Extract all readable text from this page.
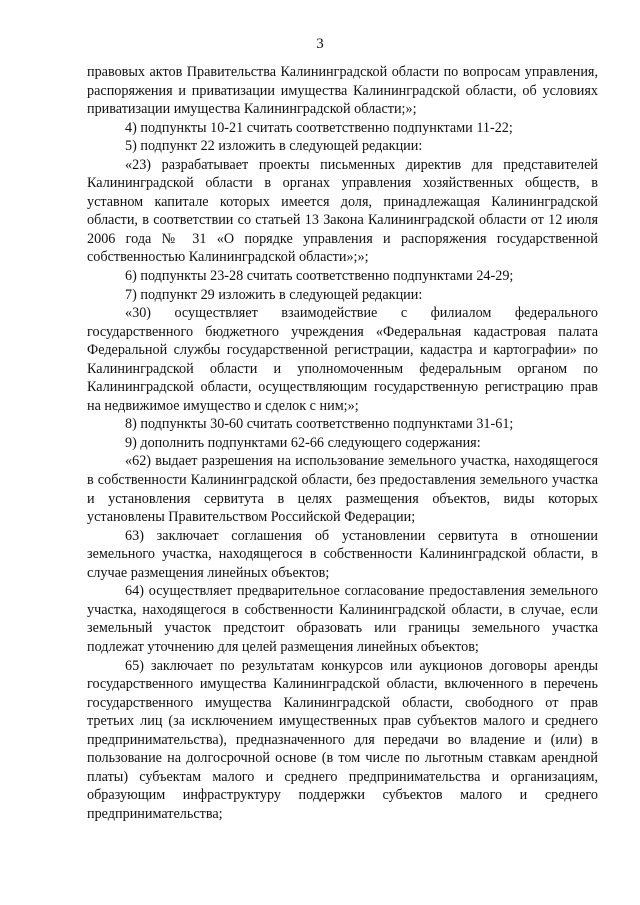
3

правовых актов Правительства Калининградской области по вопросам управления, распоряжения и приватизации имущества Калининградской области, об условиях приватизации имущества Калининградской области;»;

4) подпункты 10-21 считать соответственно подпунктами 11-22;

5) подпункт 22 изложить в следующей редакции:

«23) разрабатывает проекты письменных директив для представителей Калининградской области в органах управления хозяйственных обществ, в уставном капитале которых имеется доля, принадлежащая Калининградской области, в соответствии со статьей 13 Закона Калининградской области от 12 июля 2006 года № 31 «О порядке управления и распоряжения государственной собственностью Калининградской области»;»;

6) подпункты 23-28 считать соответственно подпунктами 24-29;

7) подпункт 29 изложить в следующей редакции:

«30) осуществляет взаимодействие с филиалом федерального государственного бюджетного учреждения «Федеральная кадастровая палата Федеральной службы государственной регистрации, кадастра и картографии» по Калининградской области и уполномоченным федеральным органом по Калининградской области, осуществляющим государственную регистрацию прав на недвижимое имущество и сделок с ним;»;

8) подпункты 30-60 считать соответственно подпунктами 31-61;

9) дополнить подпунктами 62-66 следующего содержания:

«62) выдает разрешения на использование земельного участка, находящегося в собственности Калининградской области, без предоставления земельного участка и установления сервитута в целях размещения объектов, виды которых установлены Правительством Российской Федерации;

63) заключает соглашения об установлении сервитута в отношении земельного участка, находящегося в собственности Калининградской области, в случае размещения линейных объектов;

64) осуществляет предварительное согласование предоставления земельного участка, находящегося в собственности Калининградской области, в случае, если земельный участок предстоит образовать или границы земельного участка подлежат уточнению для целей размещения линейных объектов;

65) заключает по результатам конкурсов или аукционов договоры аренды государственного имущества Калининградской области, включенного в перечень государственного имущества Калининградской области, свободного от прав третьих лиц (за исключением имущественных прав субъектов малого и среднего предпринимательства), предназначенного для передачи во владение и (или) в пользование на долгосрочной основе (в том числе по льготным ставкам арендной платы) субъектам малого и среднего предпринимательства и организациям, образующим инфраструктуру поддержки субъектов малого и среднего предпринимательства;
